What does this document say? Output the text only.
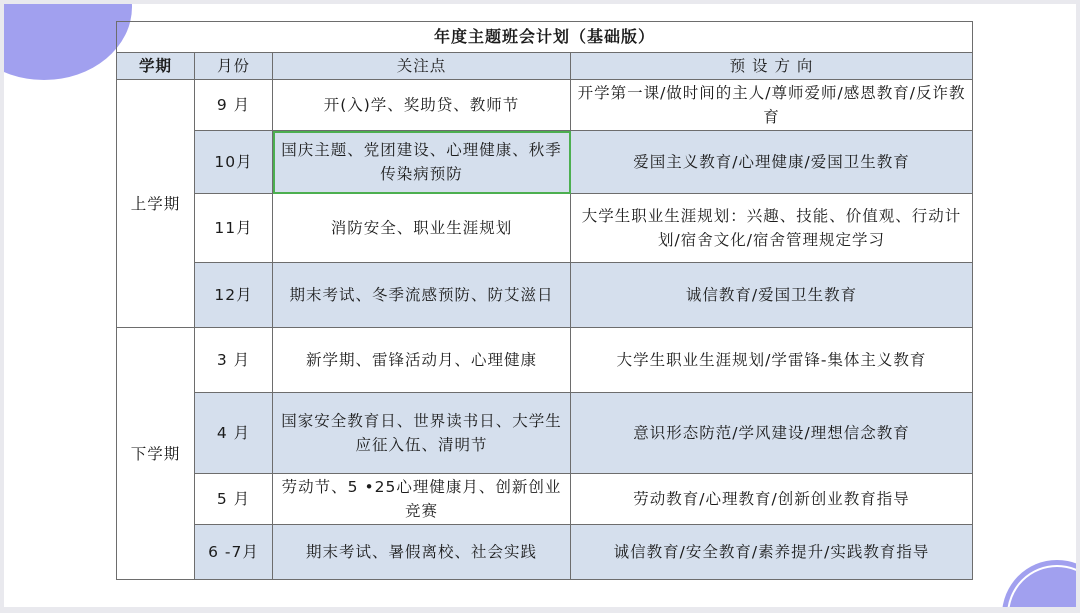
年度主题班会计划（基础版）			
学期	月份	关注点	预 设 方 向
上学期	9 月	开(入)学、奖助贷、教师节	开学第一课/做时间的主人/尊师爱师/感恩教育/反诈教育
	10月	国庆主题、党团建设、心理健康、秋季传染病预防	爱国主义教育/心理健康/爱国卫生教育
	11月	消防安全、职业生涯规划	大学生职业生涯规划：兴趣、技能、价值观、行动计划/宿舍文化/宿舍管理规定学习
	12月	期末考试、冬季流感预防、防艾滋日	诚信教育/爱国卫生教育
下学期	3 月	新学期、雷锋活动月、心理健康	大学生职业生涯规划/学雷锋-集体主义教育
	4 月	国家安全教育日、世界读书日、大学生应征入伍、清明节	意识形态防范/学风建设/理想信念教育
	5 月	劳动节、5 •25心理健康月、创新创业竞赛	劳动教育/心理教育/创新创业教育指导
	6 -7月	期末考试、暑假离校、社会实践	诚信教育/安全教育/素养提升/实践教育指导
